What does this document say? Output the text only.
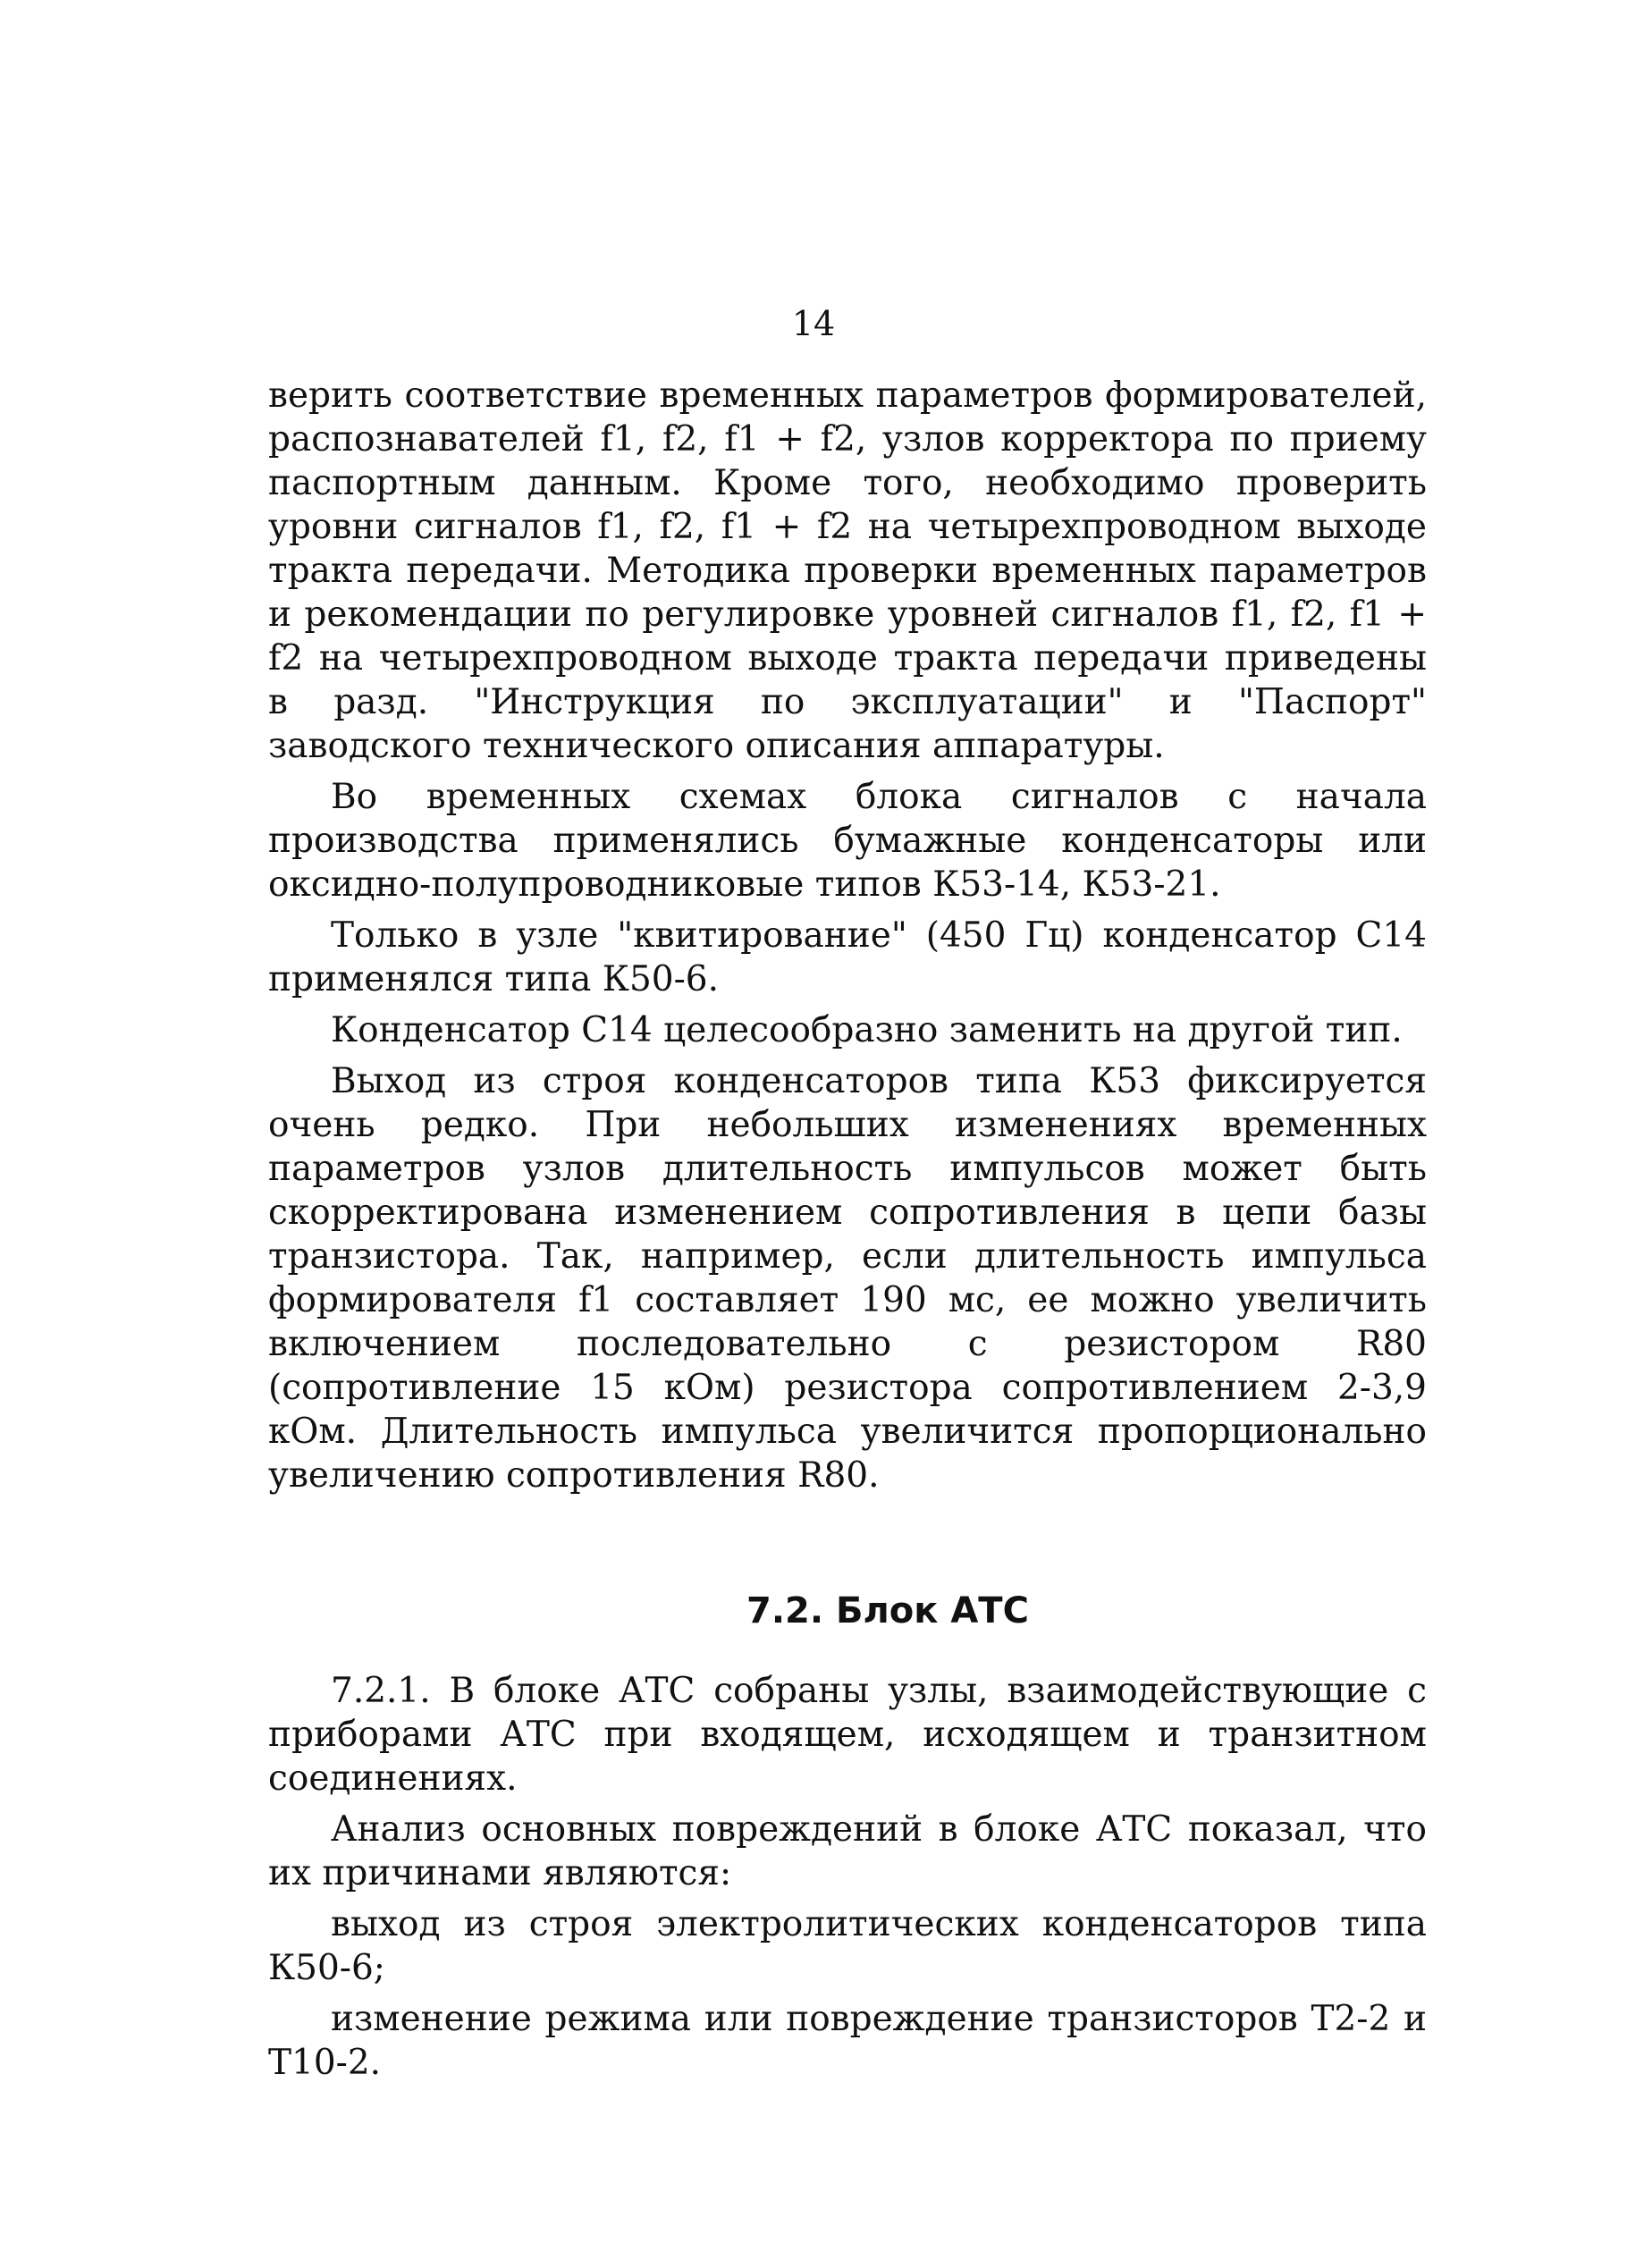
14

верить соответствие временных параметров формирователей, распознавателей f1, f2, f1 + f2, узлов корректора по приему паспортным данным. Кроме того, необходимо проверить уровни сигналов f1, f2, f1 + f2 на четырехпроводном выходе тракта передачи. Методика проверки временных параметров и рекомендации по регулировке уровней сигналов f1, f2, f1 + f2 на четырехпроводном выходе тракта передачи приведены в разд. "Инструкция по эксплуатации" и "Паспорт" заводского технического описания аппаратуры.

Во временных схемах блока сигналов с начала производства применялись бумажные конденсаторы или оксидно-полупроводниковые типов К53-14, К53-21.

Только в узле "квитирование" (450 Гц) конденсатор С14 применялся типа К50-6.

Конденсатор С14 целесообразно заменить на другой тип.

Выход из строя конденсаторов типа К53 фиксируется очень редко. При небольших изменениях временных параметров узлов длительность импульсов может быть скорректирована изменением сопротивления в цепи базы транзистора. Так, например, если длительность импульса формирователя f1 составляет 190 мс, ее можно увеличить включением последовательно с резистором R80 (сопротивление 15 кОм) резистора сопротивлением 2-3,9 кОм. Длительность импульса увеличится пропорционально увеличению сопротивления R80.

7.2. Блок АТС

7.2.1. В блоке АТС собраны узлы, взаимодействующие с приборами АТС при входящем, исходящем и транзитном соединениях.

Анализ основных повреждений в блоке АТС показал, что их причинами являются:

выход из строя электролитических конденсаторов типа К50-6;

изменение режима или повреждение транзисторов Т2-2 и Т10-2.
